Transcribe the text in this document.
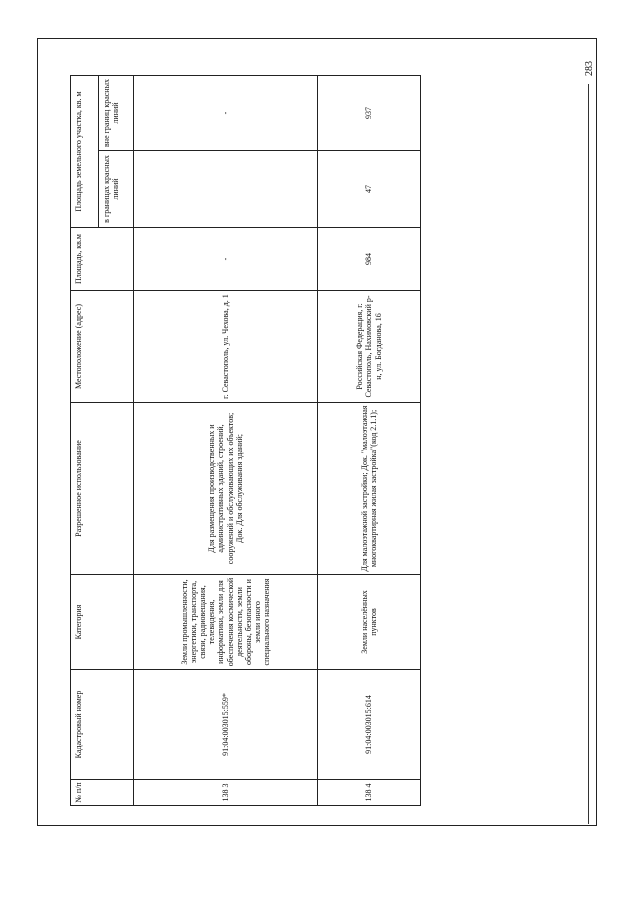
283
№ п/п	Кадастровый номер	Категория	Разрешенное использование	Местоположение (адрес)	Площадь, кв.м	Площадь земельного участка, кв. м	
						в границах красных линий	вне границ красных линий
138 3	91:04:003015:559*	Земли промышленности, энергетики, транспорта, связи, радиовещания, телевидения, информатики, земли для обеспечения космической деятельности, земли обороны, безопасности и земли иного специального назначения	Для размещения производственных и административных зданий, строений, сооружений и обслуживающих их объектов; Док. Для обслуживания зданий;	г. Севастополь, ул. Чехова, д. 1	-		-
138 4	91:04:003015:614	Земли населённых пунктов	Для малоэтажной застройки; Док. "малоэтажная многоквартирная жилая застройка"(код 2.1.1);	Российская Федерация, г. Севастополь, Нахимовский р-н, ул. Богданова, 16	984	47	937
